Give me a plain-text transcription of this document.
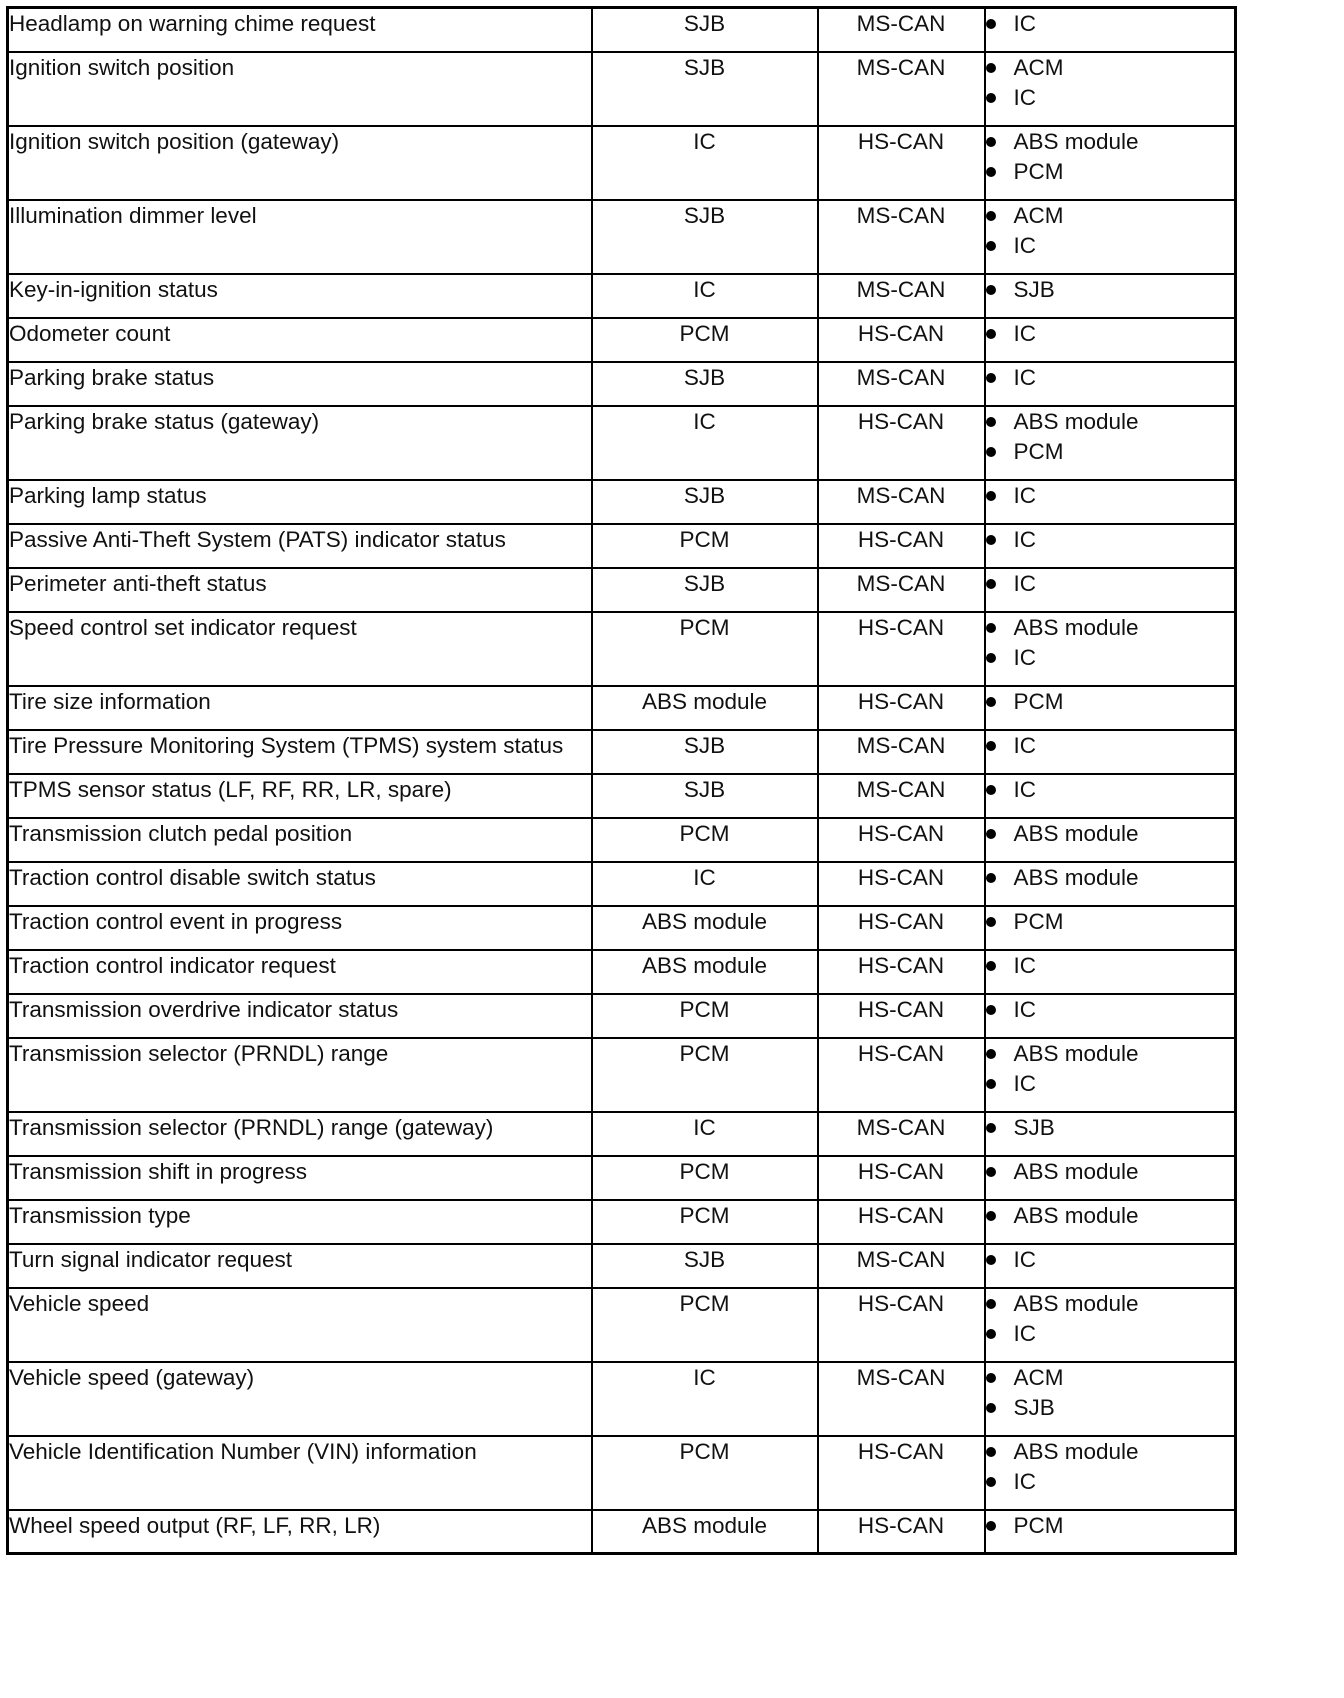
Headlamp on warning chime request	SJB	MS-CAN	IC

Ignition switch position	SJB	MS-CAN	ACM
IC

Ignition switch position (gateway)	IC	HS-CAN	ABS module
PCM

Illumination dimmer level	SJB	MS-CAN	ACM
IC

Key-in-ignition status	IC	MS-CAN	SJB

Odometer count	PCM	HS-CAN	IC

Parking brake status	SJB	MS-CAN	IC

Parking brake status (gateway)	IC	HS-CAN	ABS module
PCM

Parking lamp status	SJB	MS-CAN	IC

Passive Anti-Theft System (PATS) indicator status	PCM	HS-CAN	IC

Perimeter anti-theft status	SJB	MS-CAN	IC

Speed control set indicator request	PCM	HS-CAN	ABS module
IC

Tire size information	ABS module	HS-CAN	PCM

Tire Pressure Monitoring System (TPMS) system status	SJB	MS-CAN	IC

TPMS sensor status (LF, RF, RR, LR, spare)	SJB	MS-CAN	IC

Transmission clutch pedal position	PCM	HS-CAN	ABS module

Traction control disable switch status	IC	HS-CAN	ABS module

Traction control event in progress	ABS module	HS-CAN	PCM

Traction control indicator request	ABS module	HS-CAN	IC

Transmission overdrive indicator status	PCM	HS-CAN	IC

Transmission selector (PRNDL) range	PCM	HS-CAN	ABS module
IC

Transmission selector (PRNDL) range (gateway)	IC	MS-CAN	SJB

Transmission shift in progress	PCM	HS-CAN	ABS module

Transmission type	PCM	HS-CAN	ABS module

Turn signal indicator request	SJB	MS-CAN	IC

Vehicle speed	PCM	HS-CAN	ABS module
IC

Vehicle speed (gateway)	IC	MS-CAN	ACM
SJB

Vehicle Identification Number (VIN) information	PCM	HS-CAN	ABS module
IC

Wheel speed output (RF, LF, RR, LR)	ABS module	HS-CAN	PCM
